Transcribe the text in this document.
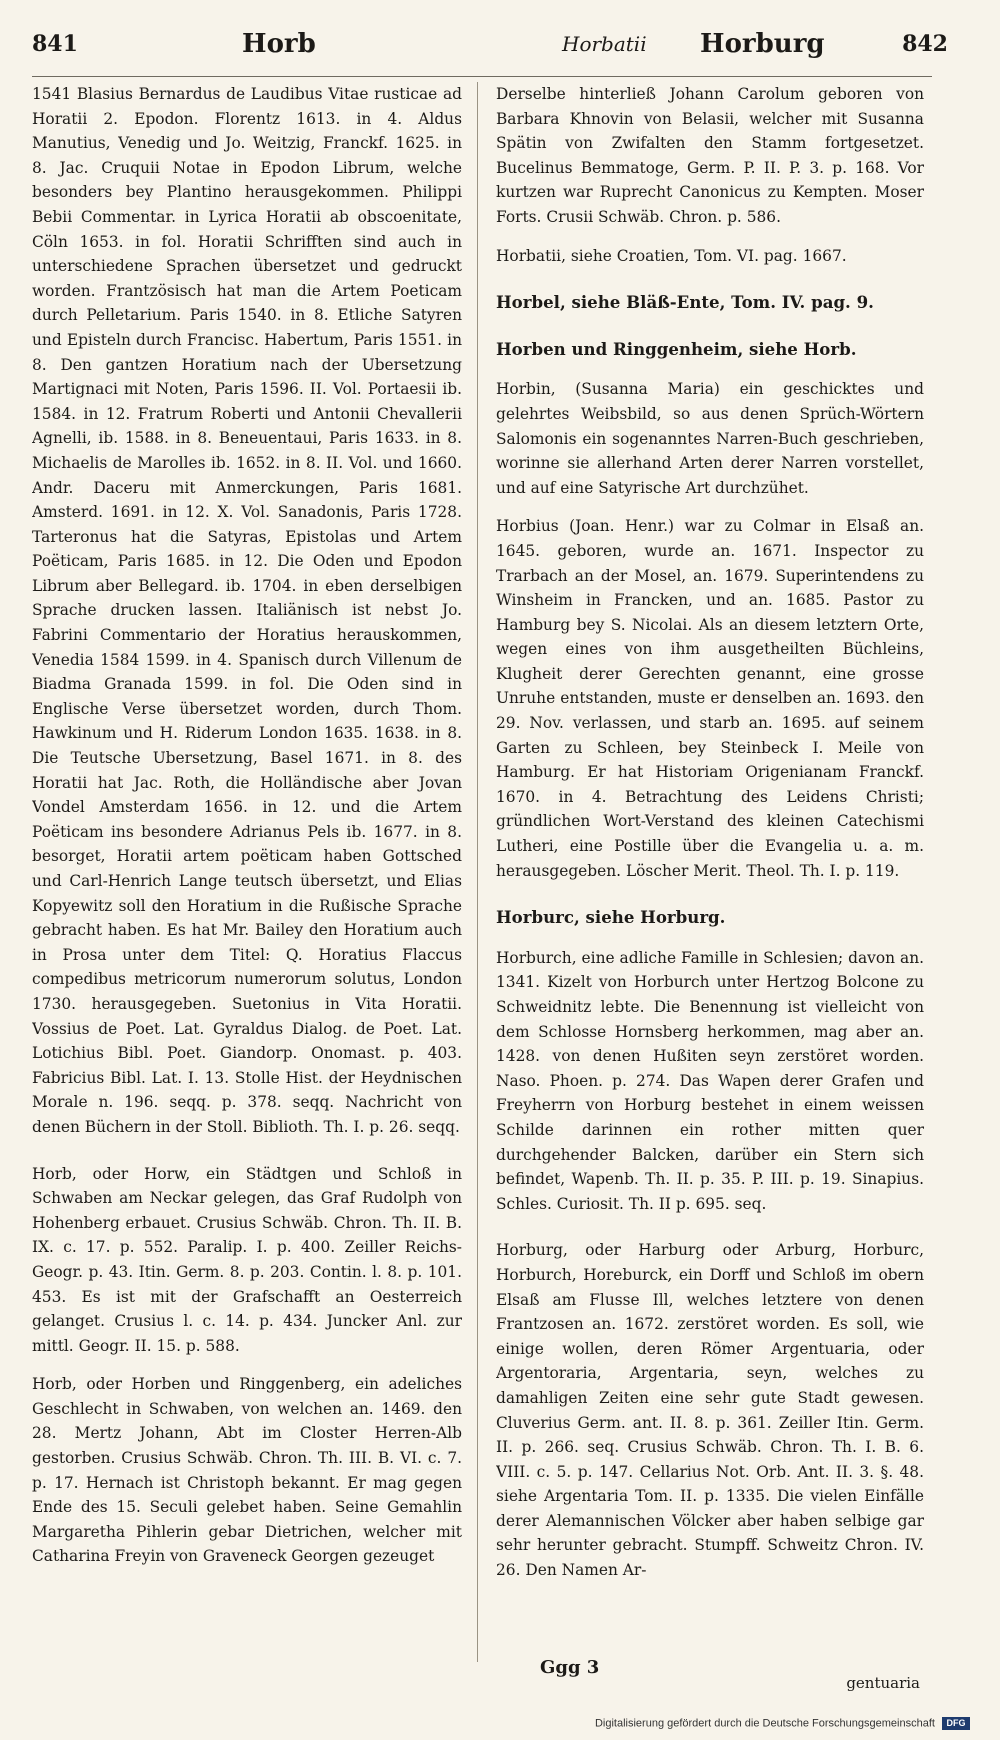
841	Horb	Horbatii Horburg	842

1541 Blasius Bernardus de Laudibus Vitae rusticae ad Horatii 2. Epodon. Florentz 1613. in 4. Aldus Manutius, Venedig und Jo. Weitzig, Franckf. 1625. in 8. Jac. Cruquii Notae in Epodon Librum, welche besonders bey Plantino herausgekommen. Philippi Bebii Commentar. in Lyrica Horatii ab obscoenitate, Cöln 1653. in fol. Horatii Schrifften sind auch in unterschiedene Sprachen übersetzet und gedruckt worden. Frantzösisch hat man die Artem Poeticam durch Pelletarium. Paris 1540. in 8. Etliche Satyren und Episteln durch Francisc. Habertum, Paris 1551. in 8. Den gantzen Horatium nach der Ubersetzung Martignaci mit Noten, Paris 1596. II. Vol. Portaesii ib. 1584. in 12. Fratrum Roberti und Antonii Chevallerii Agnelli, ib. 1588. in 8. Beneuentaui, Paris 1633. in 8. Michaelis de Marolles ib. 1652. in 8. II. Vol. und 1660. Andr. Daceru mit Anmerckungen, Paris 1681. Amsterd. 1691. in 12. X. Vol. Sanadonis, Paris 1728. Tarteronus hat die Satyras, Epistolas und Artem Poëticam, Paris 1685. in 12. Die Oden und Epodon Librum aber Bellegard. ib. 1704. in eben derselbigen Sprache drucken lassen. Italiänisch ist nebst Jo. Fabrini Commentario der Horatius herauskommen, Venedia 1584 1599. in 4. Spanisch durch Villenum de Biadma Granada 1599. in fol. Die Oden sind in Englische Verse übersetzet worden, durch Thom. Hawkinum und H. Riderum London 1635. 1638. in 8. Die Teutsche Ubersetzung, Basel 1671. in 8. des Horatii hat Jac. Roth, die Holländische aber Jovan Vondel Amsterdam 1656. in 12. und die Artem Poëticam ins besondere Adrianus Pels ib. 1677. in 8. besorget, Horatii artem poëticam haben Gottsched und Carl-Henrich Lange teutsch übersetzt, und Elias Kopyewitz soll den Horatium in die Rußische Sprache gebracht haben. Es hat Mr. Bailey den Horatium auch in Prosa unter dem Titel: Q. Horatius Flaccus compedibus metricorum numerorum solutus, London 1730. herausgegeben. Suetonius in Vita Horatii. Vossius de Poet. Lat. Gyraldus Dialog. de Poet. Lat. Lotichius Bibl. Poet. Giandorp. Onomast. p. 403. Fabricius Bibl. Lat. I. 13. Stolle Hist. der Heydnischen Morale n. 196. seqq. p. 378. seqq. Nachricht von denen Büchern in der Stoll. Biblioth. Th. I. p. 26. seqq.

Horb, oder Horw, ein Städtgen und Schloß in Schwaben am Neckar gelegen, das Graf Rudolph von Hohenberg erbauet. Crusius Schwäb. Chron. Th. II. B. IX. c. 17. p. 552. Paralip. I. p. 400. Zeiller Reichs-Geogr. p. 43. Itin. Germ. 8. p. 203. Contin. l. 8. p. 101. 453. Es ist mit der Grafschafft an Oesterreich gelanget. Crusius l. c. 14. p. 434. Juncker Anl. zur mittl. Geogr. II. 15. p. 588.

Horb, oder Horben und Ringgenberg, ein adeliches Geschlecht in Schwaben, von welchen an. 1469. den 28. Mertz Johann, Abt im Closter Herren-Alb gestorben. Crusius Schwäb. Chron. Th. III. B. VI. c. 7. p. 17. Hernach ist Christoph bekannt. Er mag gegen Ende des 15. Seculi gelebet haben. Seine Gemahlin Margaretha Pihlerin gebar Dietrichen, welcher mit Catharina Freyin von Graveneck Georgen gezeuget

Derselbe hinterließ Johann Carolum geboren von Barbara Khnovin von Belasii, welcher mit Susanna Spätin von Zwifalten den Stamm fortgesetzet. Bucelinus Bemmatoge, Germ. P. II. P. 3. p. 168. Vor kurtzen war Ruprecht Canonicus zu Kempten. Moser Forts. Crusii Schwäb. Chron. p. 586.

Horbatii, siehe Croatien, Tom. VI. pag. 1667.

Horbel, siehe Bläß-Ente, Tom. IV. pag. 9.

Horben und Ringgenheim, siehe Horb.

Horbin, (Susanna Maria) ein geschicktes und gelehrtes Weibsbild, so aus denen Sprüch-Wörtern Salomonis ein sogenanntes Narren-Buch geschrieben, worinne sie allerhand Arten derer Narren vorstellet, und auf eine Satyrische Art durchzühet.

Horbius (Joan. Henr.) war zu Colmar in Elsaß an. 1645. geboren, wurde an. 1671. Inspector zu Trarbach an der Mosel, an. 1679. Superintendens zu Winsheim in Francken, und an. 1685. Pastor zu Hamburg bey S. Nicolai. Als an diesem letztern Orte, wegen eines von ihm ausgetheilten Büchleins, Klugheit derer Gerechten genannt, eine grosse Unruhe entstanden, muste er denselben an. 1693. den 29. Nov. verlassen, und starb an. 1695. auf seinem Garten zu Schleen, bey Steinbeck I. Meile von Hamburg. Er hat Historiam Origenianam Franckf. 1670. in 4. Betrachtung des Leidens Christi; gründlichen Wort-Verstand des kleinen Catechismi Lutheri, eine Postille über die Evangelia u. a. m. herausgegeben. Löscher Merit. Theol. Th. I. p. 119.

Horburc, siehe Horburg.

Horburch, eine adliche Famille in Schlesien; davon an. 1341. Kizelt von Horburch unter Hertzog Bolcone zu Schweidnitz lebte. Die Benennung ist vielleicht von dem Schlosse Hornsberg herkommen, mag aber an. 1428. von denen Hußiten seyn zerstöret worden. Naso. Phoen. p. 274. Das Wapen derer Grafen und Freyherrn von Horburg bestehet in einem weissen Schilde darinnen ein rother mitten quer durchgehender Balcken, darüber ein Stern sich befindet, Wapenb. Th. II. p. 35. P. III. p. 19. Sinapius. Schles. Curiosit. Th. II p. 695. seq.

Horburg, oder Harburg oder Arburg, Horburc, Horburch, Horeburck, ein Dorff und Schloß im obern Elsaß am Flusse Ill, welches letztere von denen Frantzosen an. 1672. zerstöret worden. Es soll, wie einige wollen, deren Römer Argentuaria, oder Argentoraria, Argentaria, seyn, welches zu damahligen Zeiten eine sehr gute Stadt gewesen. Cluverius Germ. ant. II. 8. p. 361. Zeiller Itin. Germ. II. p. 266. seq. Crusius Schwäb. Chron. Th. I. B. 6. VIII. c. 5. p. 147. Cellarius Not. Orb. Ant. II. 3. §. 48. siehe Argentaria Tom. II. p. 1335. Die vielen Einfälle derer Alemannischen Völcker aber haben selbige gar sehr herunter gebracht. Stumpff. Schweitz Chron. IV. 26. Den Namen Ar-

Ggg 3
gentuaria
Digitalisierung gefördert durch die Deutsche Forschungsgemeinschaft DFG
